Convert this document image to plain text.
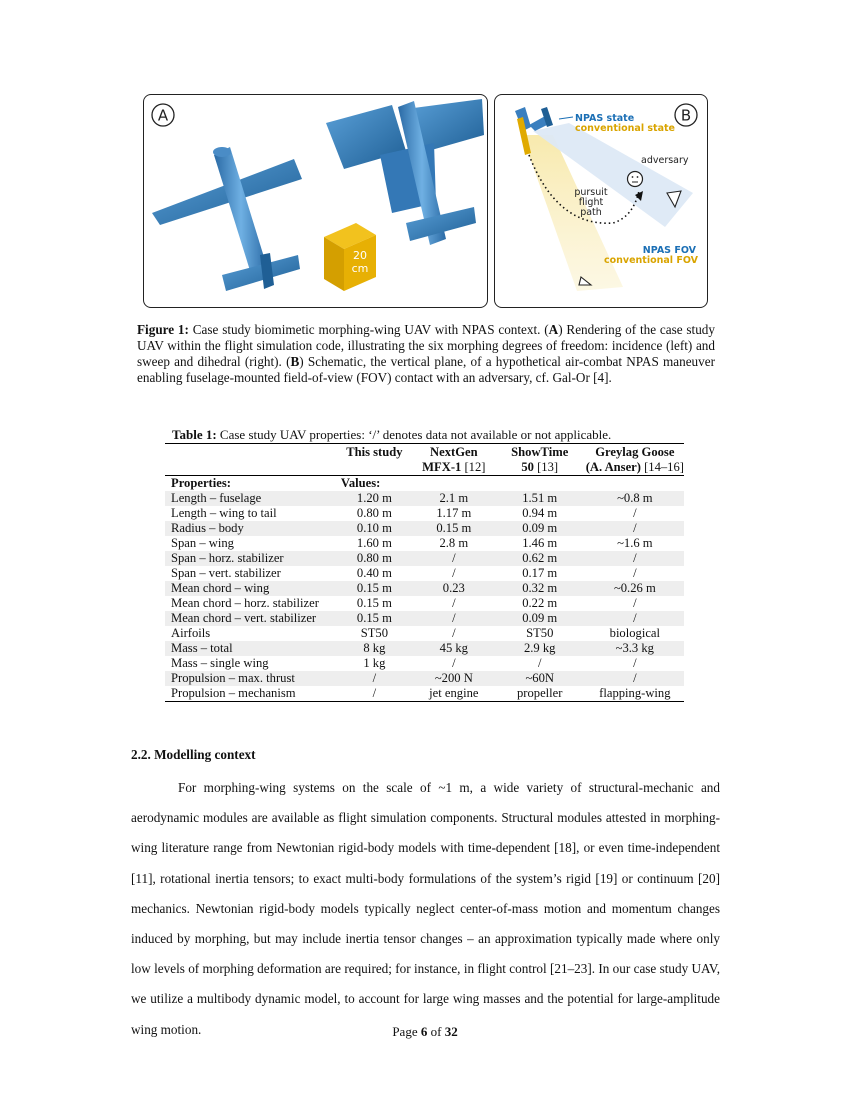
A
20
cm
B
NPAS state
conventional state
adversary
pursuit
flight
path
NPAS FOV
conventional FOV
Figure 1: Case study biomimetic morphing-wing UAV with NPAS context. (A) Rendering of the case study UAV within the flight simulation code, illustrating the six morphing degrees of freedom: incidence (left) and sweep and dihedral (right). (B) Schematic, the vertical plane, of a hypothetical air-combat NPAS maneuver enabling fuselage-mounted field-of-view (FOV) contact with an adversary, cf. Gal-Or [4].
Table 1: Case study UAV properties: ‘/’ denotes data not available or not applicable.
	This study	NextGen	ShowTime	Greylag Goose
		MFX-1 [12]	50 [13]	(A. Anser) [14–16]
Properties:	Values:			
Length – fuselage	1.20 m	2.1 m	1.51 m	~0.8 m
Length – wing to tail	0.80 m	1.17 m	0.94 m	/
Radius – body	0.10 m	0.15 m	0.09 m	/
Span – wing	1.60 m	2.8 m	1.46 m	~1.6 m
Span – horz. stabilizer	0.80 m	/	0.62 m	/
Span – vert. stabilizer	0.40 m	/	0.17 m	/
Mean chord – wing	0.15 m	0.23	0.32 m	~0.26 m
Mean chord – horz. stabilizer	0.15 m	/	0.22 m	/
Mean chord – vert. stabilizer	0.15 m	/	0.09 m	/
Airfoils	ST50	/	ST50	biological
Mass – total	8 kg	45 kg	2.9 kg	~3.3 kg
Mass – single wing	1 kg	/	/	/
Propulsion – max. thrust	/	~200 N	~60N	/
Propulsion – mechanism	/	jet engine	propeller	flapping-wing
2.2. Modelling context
For morphing-wing systems on the scale of ~1 m, a wide variety of structural-mechanic and aerodynamic modules are available as flight simulation components. Structural modules attested in morphing-wing literature range from Newtonian rigid-body models with time-dependent [18], or even time-independent [11], rotational inertia tensors; to exact multi-body formulations of the system’s rigid [19] or continuum [20] mechanics. Newtonian rigid-body models typically neglect center-of-mass motion and momentum changes induced by morphing, but may include inertia tensor changes – an approximation typically made where only low levels of morphing deformation are required; for instance, in flight control [21–23]. In our case study UAV, we utilize a multibody dynamic model, to account for large wing masses and the potential for large-amplitude wing motion.	Page 6 of 32
